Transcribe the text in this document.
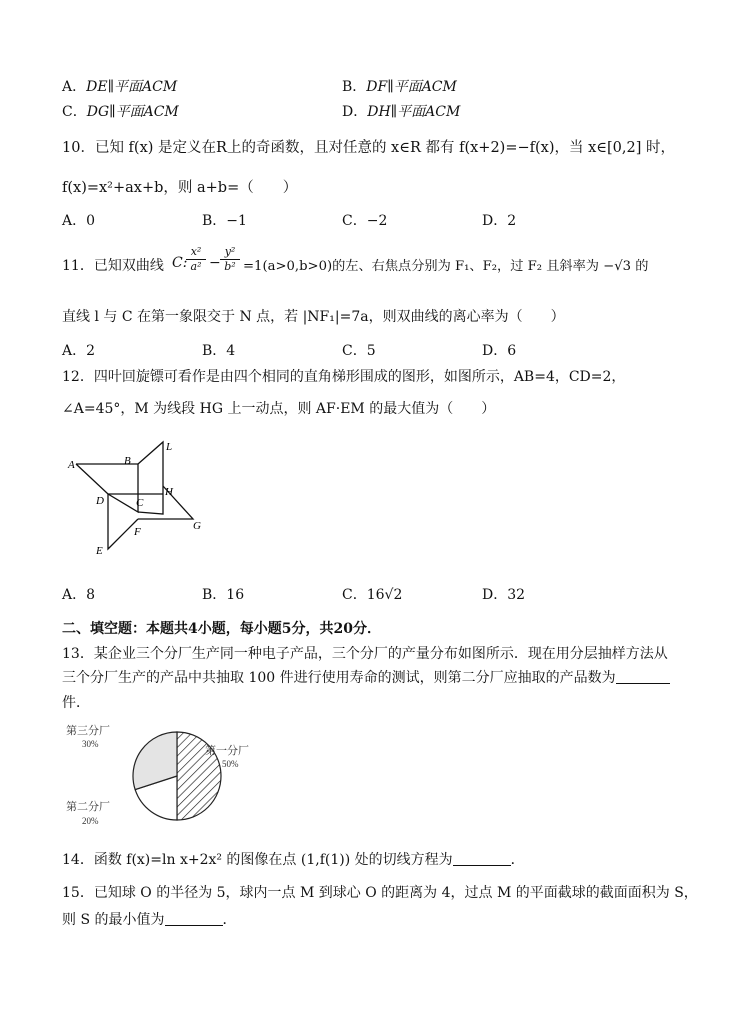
A．DE∥平面ACM	B．DF∥平面ACM
C．DG∥平面ACM	D．DH∥平面ACM
10．已知 f(x) 是定义在R上的奇函数，且对任意的 x∈R 都有 f(x+2)=−f(x)，当 x∈[0,2] 时，
f(x)=x²+ax+b，则 a+b=（　　）
A．0	B．−1	C．−2	D．2
11．已知双曲线 C:
$\frac{\text{x²}}{\text{a²}} - \frac{\text{y²}}{\text{b²}} =1(a>0,b>0)$的左、右焦点分别为 F₁、F₂，过 F₂ 且斜率为 −√3 的
直线 l 与 C 在第一象限交于 N 点，若 |NF₁|=7a，则双曲线的离心率为（　　）
A．2	B．4	C．5	D．6
12．四叶回旋镖可看作是由四个相同的直角梯形围成的图形，如图所示，AB=4，CD=2，
∠A=45°，M 为线段 HG 上一动点，则 AF·EM 的最大值为（　　）
A	B
L
D	C
H
G
E
F
A．8	B．16	C．16√2	D．32
二、填空题：本题共4小题，每小题5分，共20分．
13．某企业三个分厂生产同一种电子产品，三个分厂的产量分布如图所示．现在用分层抽样方法从
三个分厂生产的产品中共抽取 100 件进行使用寿命的测试，则第二分厂应抽取的产品数为
件．
第一分厂
50%
第二分厂
20%
第三分厂
30%
14．函数 f(x)=ln x+2x² 的图像在点 (1,f(1)) 处的切线方程为	．
15．已知球 O 的半径为 5，球内一点 M 到球心 O 的距离为 4，过点 M 的平面截球的截面面积为 S，
则 S 的最小值为	．
